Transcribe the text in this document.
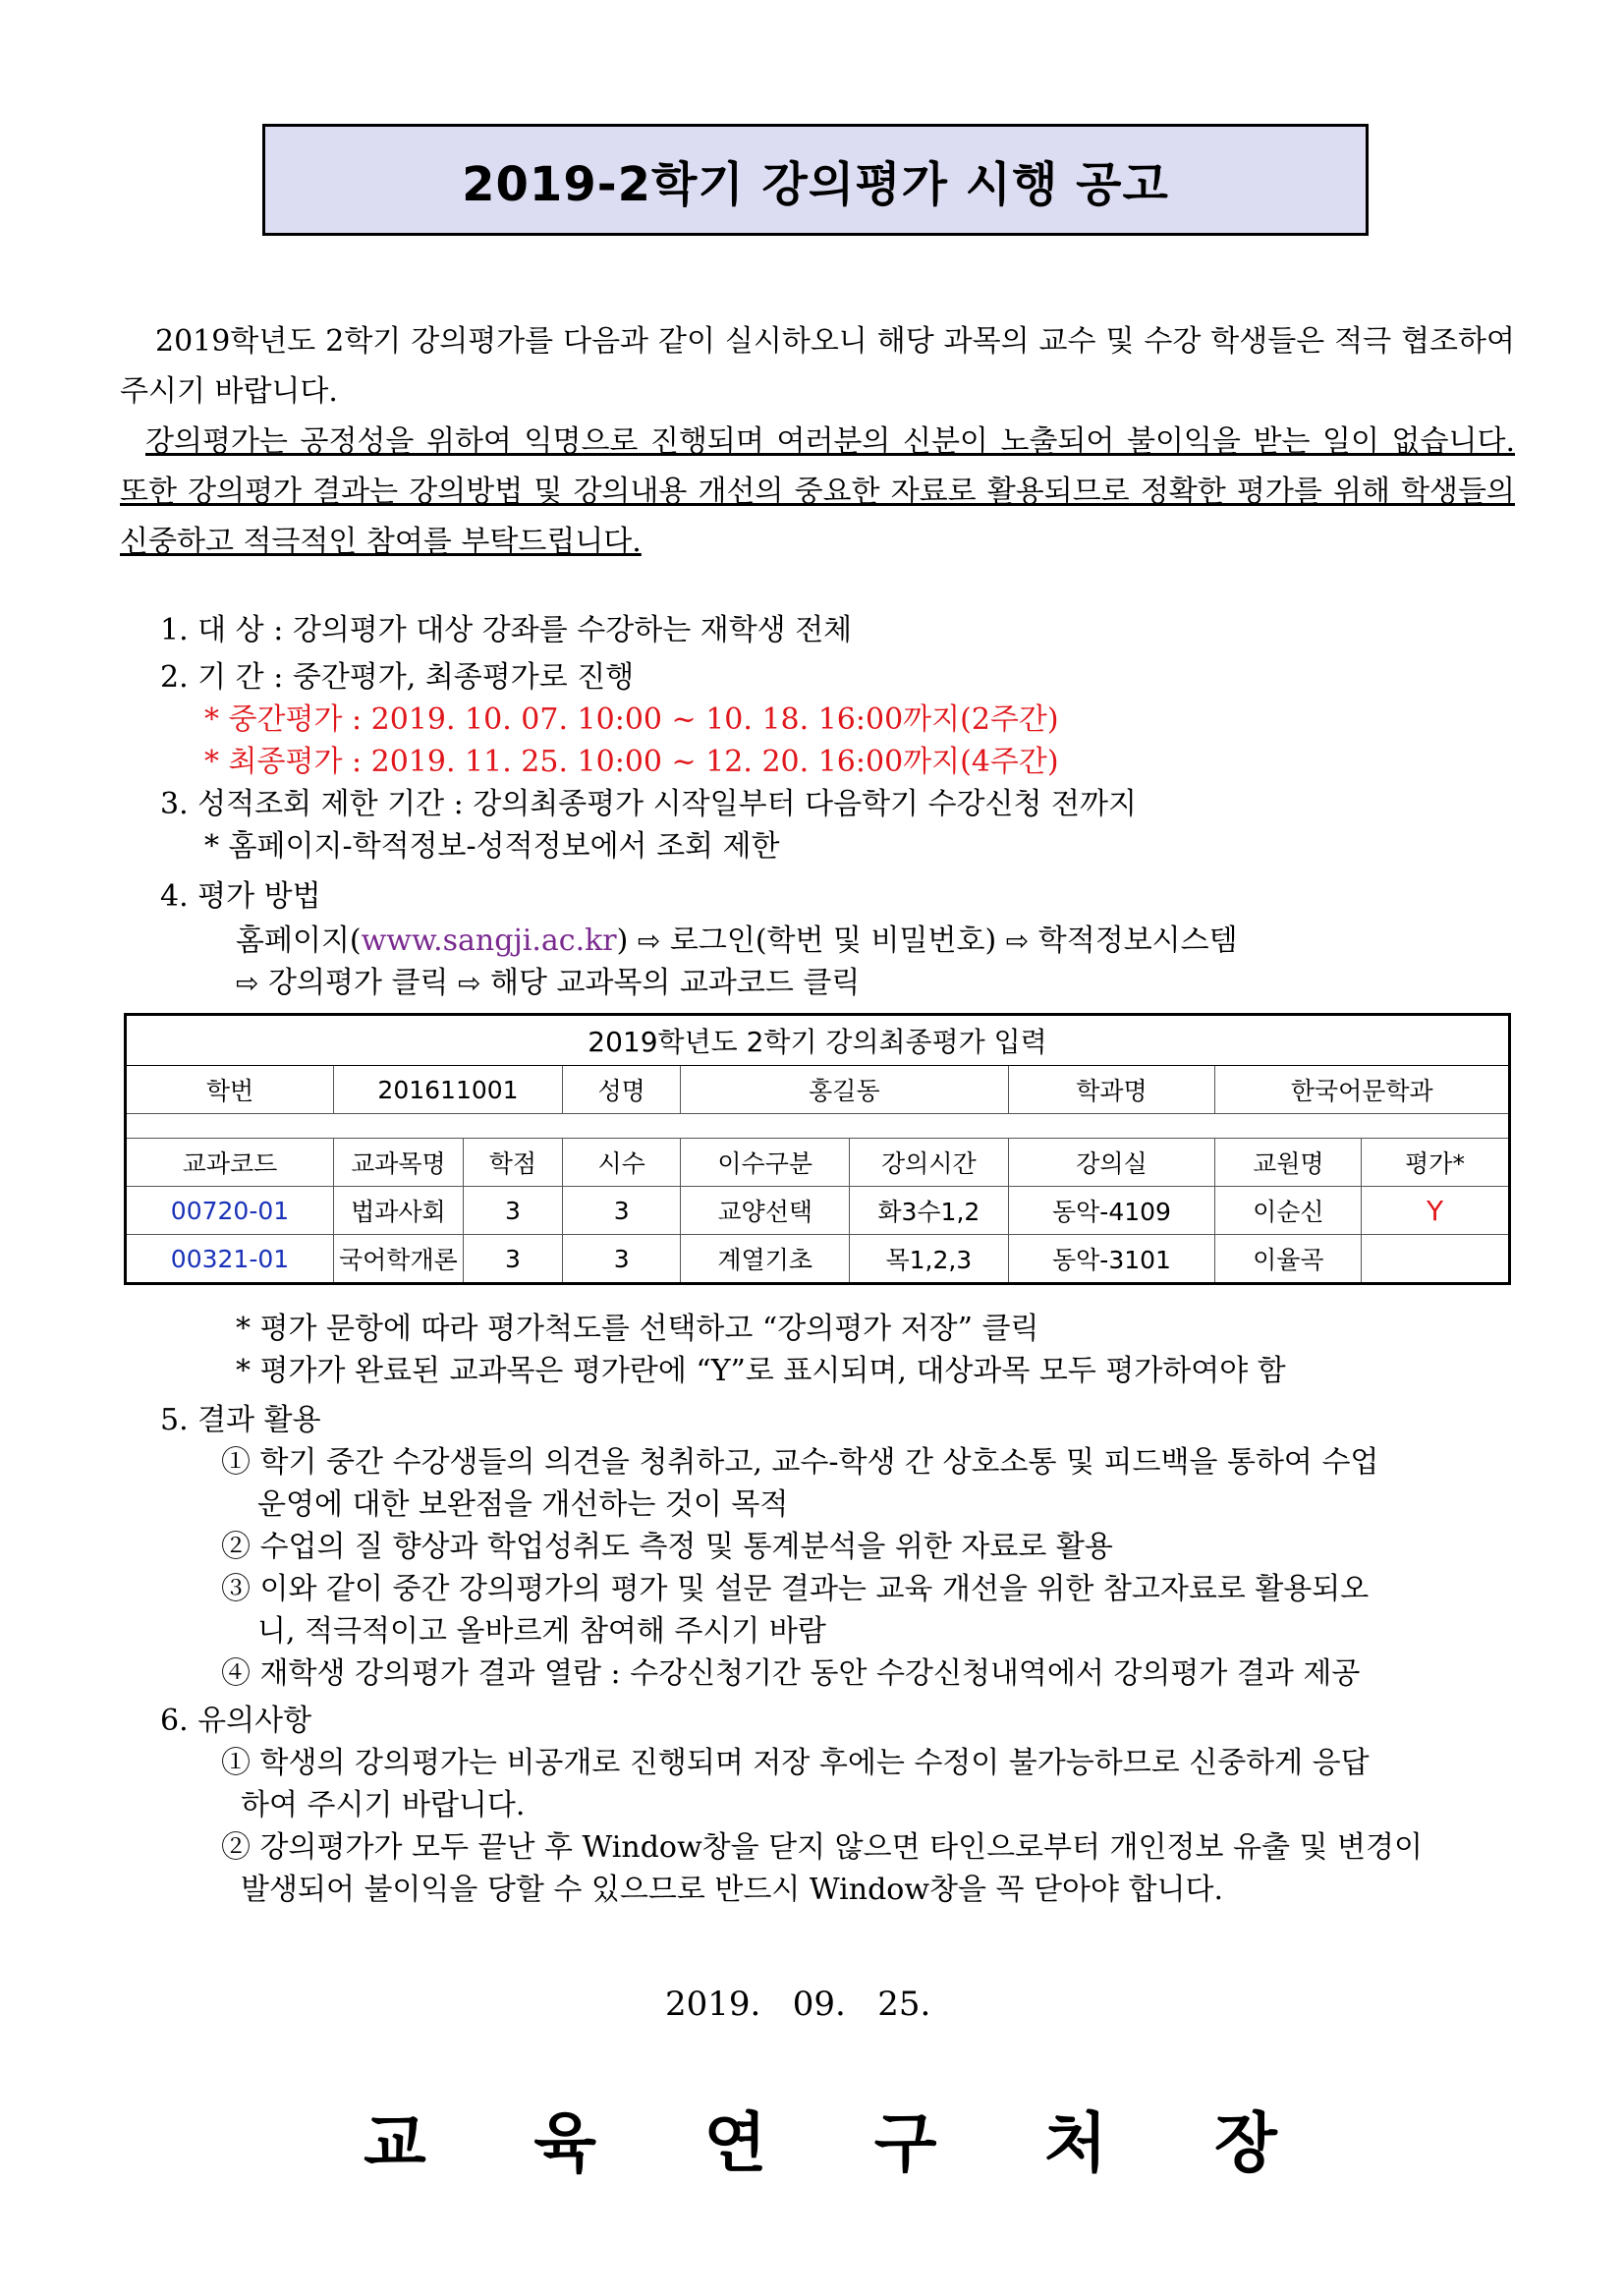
2019-2학기 강의평가 시행 공고

2019학년도 2학기 강의평가를 다음과 같이 실시하오니 해당 과목의 교수 및 수강 학생들은 적극 협조하여 주시기 바랍니다.

강의평가는 공정성을 위하여 익명으로 진행되며 여러분의 신분이 노출되어 불이익을 받는 일이 없습니다. 또한 강의평가 결과는 강의방법 및 강의내용 개선의 중요한 자료로 활용되므로 정확한 평가를 위해 학생들의 신중하고 적극적인 참여를 부탁드립니다.

1. 대 상 : 강의평가 대상 강좌를 수강하는 재학생 전체
2. 기 간 : 중간평가, 최종평가로 진행
* 중간평가 : 2019. 10. 07. 10:00 ~ 10. 18. 16:00까지(2주간)
* 최종평가 : 2019. 11. 25. 10:00 ~ 12. 20. 16:00까지(4주간)
3. 성적조회 제한 기간 : 강의최종평가 시작일부터 다음학기 수강신청 전까지
* 홈페이지-학적정보-성적정보에서 조회 제한
4. 평가 방법
홈페이지(www.sangji.ac.kr) ⇨ 로그인(학번 및 비밀번호) ⇨ 학적정보시스템
⇨ 강의평가 클릭 ⇨ 해당 교과목의 교과코드 클릭
2019학년도 2학기 강의최종평가 입력								
학번	201611001		성명	홍길동		학과명	한국어문학과	

교과코드	교과목명	학점	시수	이수구분	강의시간	강의실	교원명	평가*
00720-01	법과사회	3	3	교양선택	화3수1,2	동악-4109	이순신	Y
00321-01	국어학개론	3	3	계열기초	목1,2,3	동악-3101	이율곡	
* 평가 문항에 따라 평가척도를 선택하고 “강의평가 저장” 클릭
* 평가가 완료된 교과목은 평가란에 “Y”로 표시되며, 대상과목 모두 평가하여야 함
5. 결과 활용
① 학기 중간 수강생들의 의견을 청취하고, 교수-학생 간 상호소통 및 피드백을 통하여 수업
운영에 대한 보완점을 개선하는 것이 목적
② 수업의 질 향상과 학업성취도 측정 및 통계분석을 위한 자료로 활용
③ 이와 같이 중간 강의평가의 평가 및 설문 결과는 교육 개선을 위한 참고자료로 활용되오
니, 적극적이고 올바르게 참여해 주시기 바람
④ 재학생 강의평가 결과 열람 : 수강신청기간 동안 수강신청내역에서 강의평가 결과 제공
6. 유의사항
① 학생의 강의평가는 비공개로 진행되며 저장 후에는 수정이 불가능하므로 신중하게 응답
하여 주시기 바랍니다.
② 강의평가가 모두 끝난 후 Window창을 닫지 않으면 타인으로부터 개인정보 유출 및 변경이
발생되어 불이익을 당할 수 있으므로 반드시 Window창을 꼭 닫아야 합니다.
2019.   09.   25.
교 육 연 구 처 장
